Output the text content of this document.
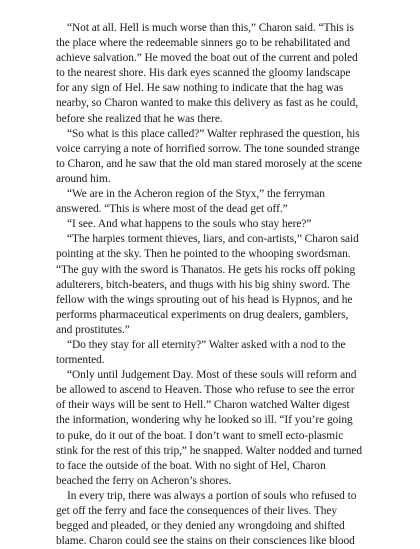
“Not at all. Hell is much worse than this,” Charon said. “This is the place where the redeemable sinners go to be rehabilitated and achieve salvation.” He moved the boat out of the current and poled to the nearest shore. His dark eyes scanned the gloomy landscape for any sign of Hel. He saw nothing to indicate that the hag was nearby, so Charon wanted to make this delivery as fast as he could, before she realized that he was there.

“So what is this place called?” Walter rephrased the question, his voice carrying a note of horrified sorrow. The tone sounded strange to Charon, and he saw that the old man stared morosely at the scene around him.

“We are in the Acheron region of the Styx,” the ferryman answered. “This is where most of the dead get off.”

“I see. And what happens to the souls who stay here?”

“The harpies torment thieves, liars, and con-artists,” Charon said pointing at the sky. Then he pointed to the whooping swordsman. “The guy with the sword is Thanatos. He gets his rocks off poking adulterers, bitch-beaters, and thugs with his big shiny sword. The fellow with the wings sprouting out of his head is Hypnos, and he performs pharmaceutical experiments on drug dealers, gamblers, and prostitutes.”

“Do they stay for all eternity?” Walter asked with a nod to the tormented.

“Only until Judgement Day. Most of these souls will reform and be allowed to ascend to Heaven. Those who refuse to see the error of their ways will be sent to Hell.” Charon watched Walter digest the information, wondering why he looked so ill. “If you’re going to puke, do it out of the boat. I don’t want to smell ecto-plasmic stink for the rest of this trip,” he snapped. Walter nodded and turned to face the outside of the boat. With no sight of Hel, Charon beached the ferry on Acheron’s shores.

In every trip, there was always a portion of souls who refused to get off the ferry and face the consequences of their lives. They begged and pleaded, or they denied any wrongdoing and shifted blame. Charon could see the stains on their consciences like blood
